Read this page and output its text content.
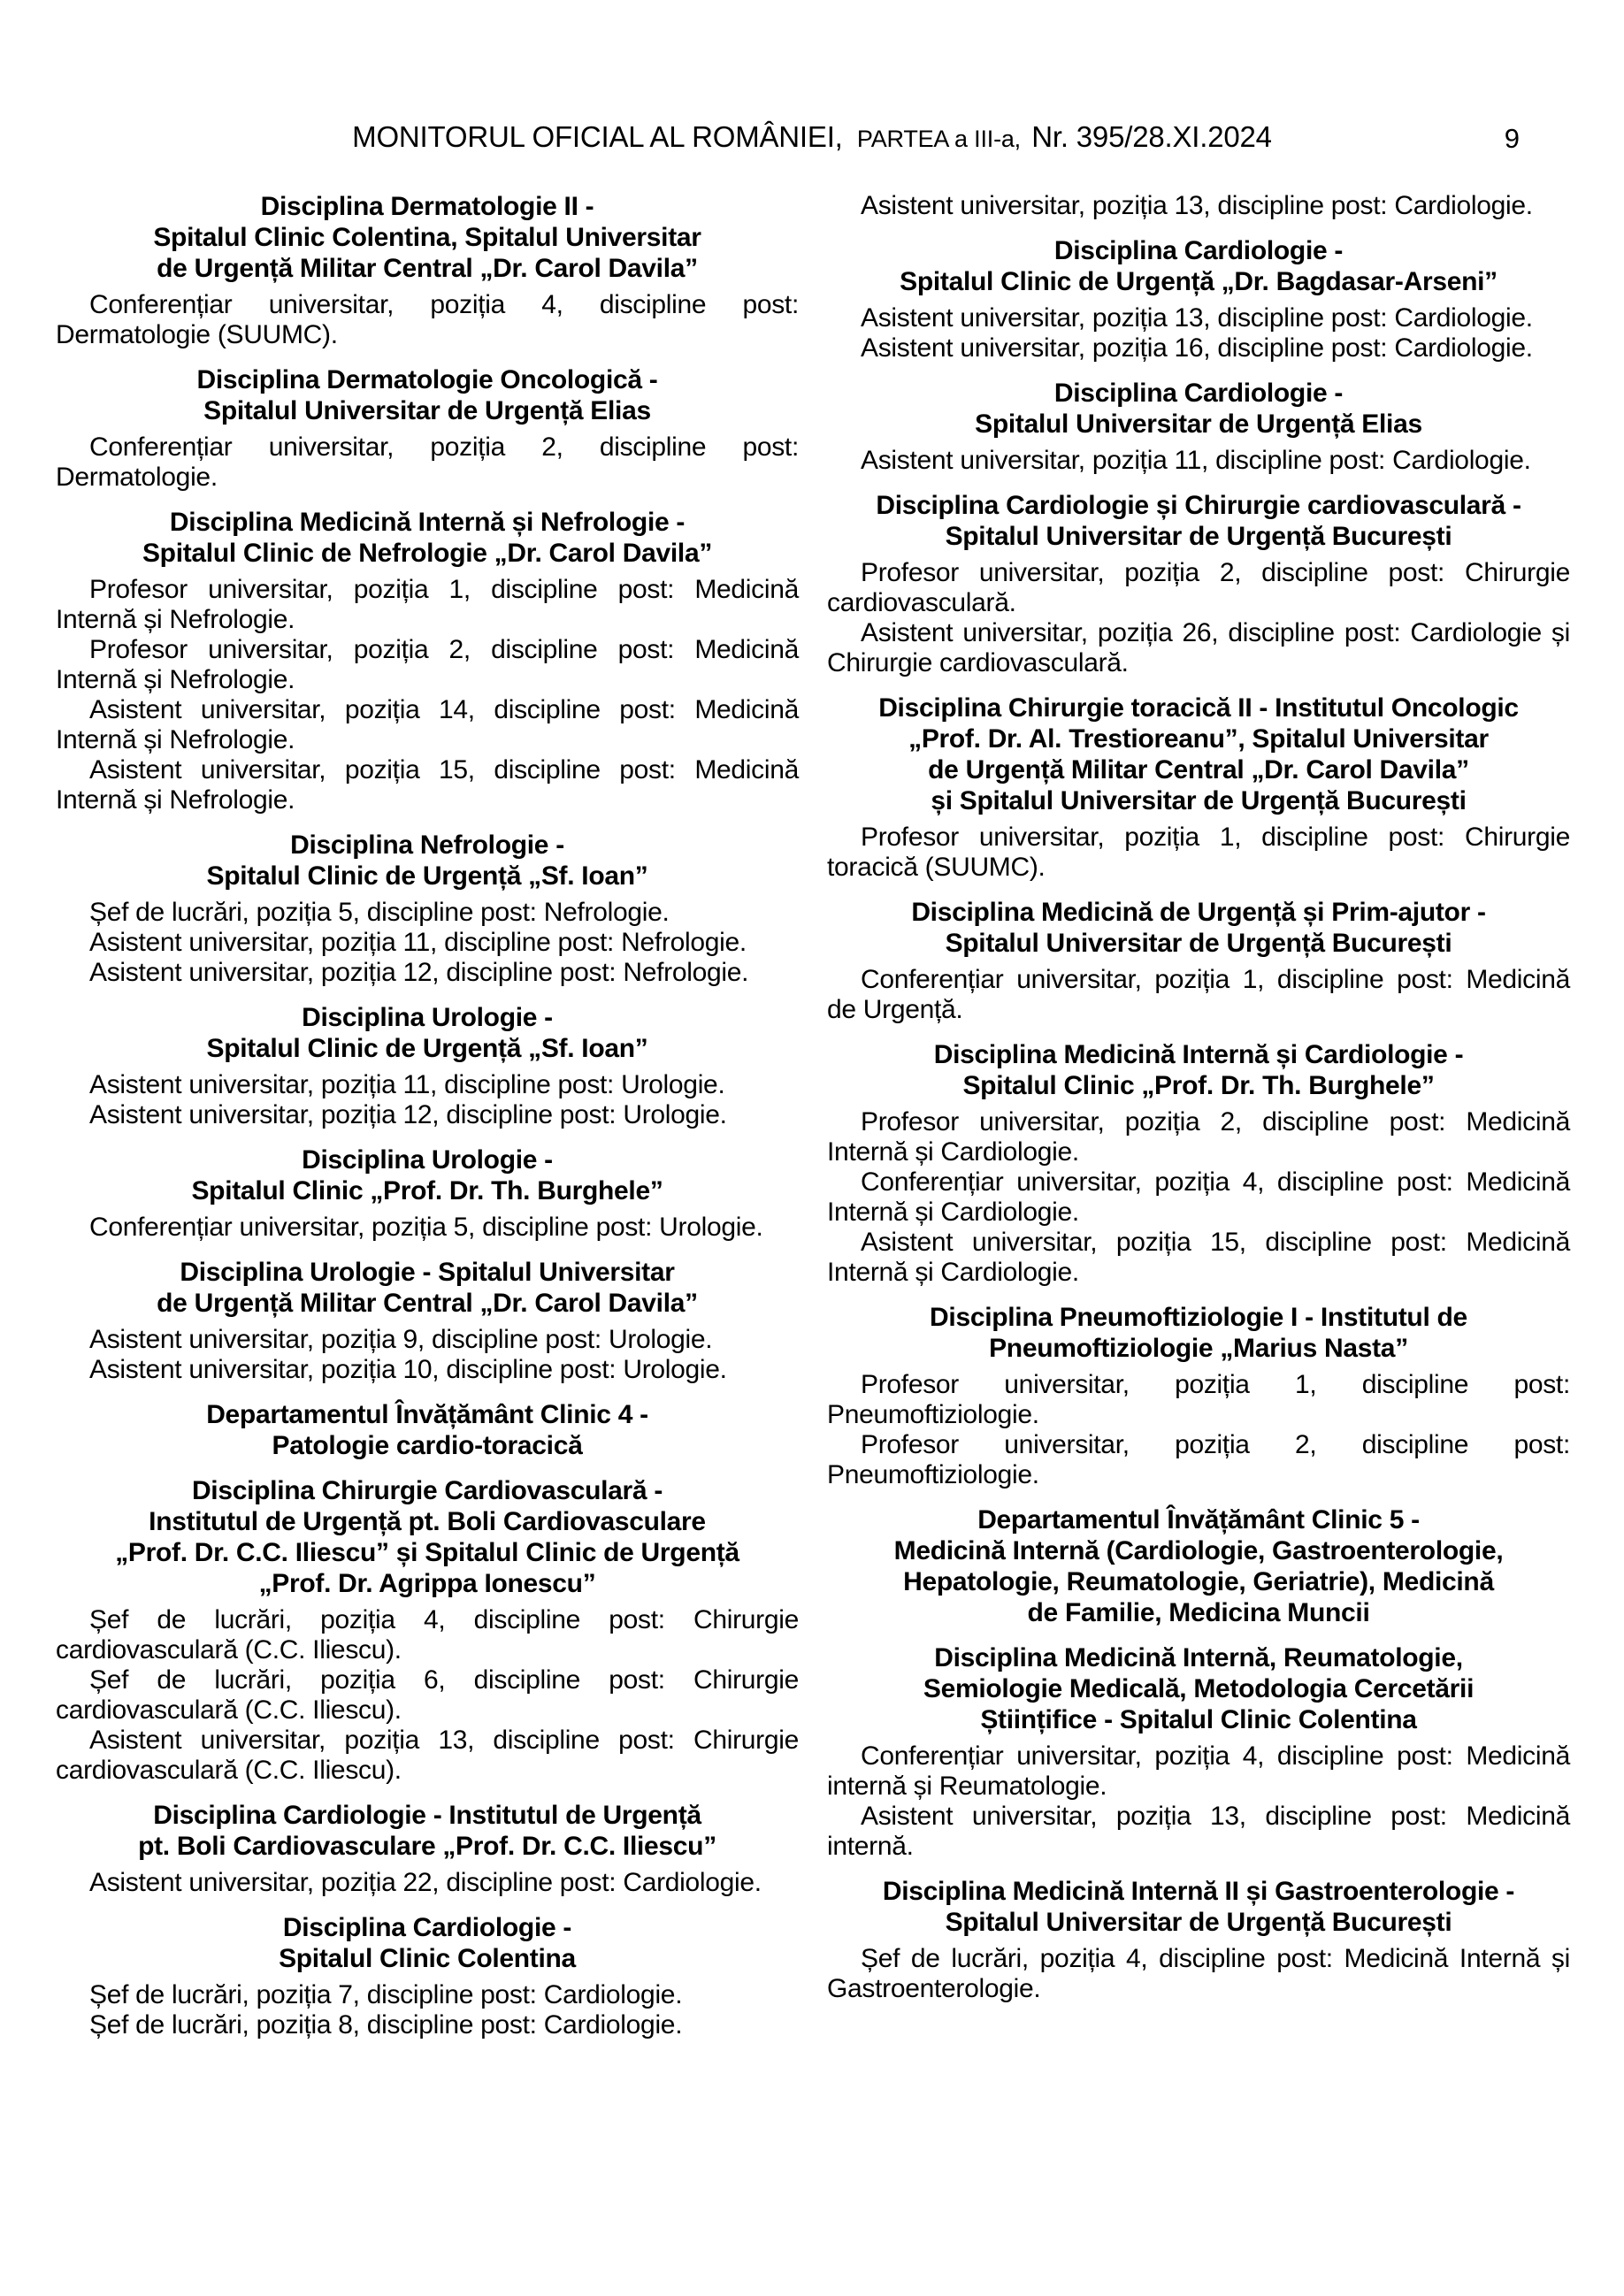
MONITORUL OFICIAL AL ROMÂNIEI, PARTEA a III-a, Nr. 395/28.XI.2024	9
Disciplina Dermatologie II -
Spitalul Clinic Colentina, Spitalul Universitar
de Urgență Militar Central „Dr. Carol Davila”
Conferențiar universitar, poziția 4, discipline post: Dermatologie (SUUMC).
Disciplina Dermatologie Oncologică -
Spitalul Universitar de Urgență Elias
Conferențiar universitar, poziția 2, discipline post: Dermatologie.
Disciplina Medicină Internă și Nefrologie -
Spitalul Clinic de Nefrologie „Dr. Carol Davila”
Profesor universitar, poziția 1, discipline post: Medicină Internă și Nefrologie.
Profesor universitar, poziția 2, discipline post: Medicină Internă și Nefrologie.
Asistent universitar, poziția 14, discipline post: Medicină Internă și Nefrologie.
Asistent universitar, poziția 15, discipline post: Medicină Internă și Nefrologie.
Disciplina Nefrologie -
Spitalul Clinic de Urgență „Sf. Ioan”
Șef de lucrări, poziția 5, discipline post: Nefrologie.
Asistent universitar, poziția 11, discipline post: Nefrologie.
Asistent universitar, poziția 12, discipline post: Nefrologie.
Disciplina Urologie -
Spitalul Clinic de Urgență „Sf. Ioan”
Asistent universitar, poziția 11, discipline post: Urologie.
Asistent universitar, poziția 12, discipline post: Urologie.
Disciplina Urologie -
Spitalul Clinic „Prof. Dr. Th. Burghele”
Conferențiar universitar, poziția 5, discipline post: Urologie.
Disciplina Urologie - Spitalul Universitar
de Urgență Militar Central „Dr. Carol Davila”
Asistent universitar, poziția 9, discipline post: Urologie.
Asistent universitar, poziția 10, discipline post: Urologie.
Departamentul Învățământ Clinic 4 -
Patologie cardio-toracică
Disciplina Chirurgie Cardiovasculară -
Institutul de Urgență pt. Boli Cardiovasculare
„Prof. Dr. C.C. Iliescu” și Spitalul Clinic de Urgență
„Prof. Dr. Agrippa Ionescu”
Șef de lucrări, poziția 4, discipline post: Chirurgie cardiovasculară (C.C. Iliescu).
Șef de lucrări, poziția 6, discipline post: Chirurgie cardiovasculară (C.C. Iliescu).
Asistent universitar, poziția 13, discipline post: Chirurgie cardiovasculară (C.C. Iliescu).
Disciplina Cardiologie - Institutul de Urgență
pt. Boli Cardiovasculare „Prof. Dr. C.C. Iliescu”
Asistent universitar, poziția 22, discipline post: Cardiologie.
Disciplina Cardiologie -
Spitalul Clinic Colentina
Șef de lucrări, poziția 7, discipline post: Cardiologie.
Șef de lucrări, poziția 8, discipline post: Cardiologie.
Asistent universitar, poziția 13, discipline post: Cardiologie.
Disciplina Cardiologie -
Spitalul Clinic de Urgență „Dr. Bagdasar-Arseni”
Asistent universitar, poziția 13, discipline post: Cardiologie.
Asistent universitar, poziția 16, discipline post: Cardiologie.
Disciplina Cardiologie -
Spitalul Universitar de Urgență Elias
Asistent universitar, poziția 11, discipline post: Cardiologie.
Disciplina Cardiologie și Chirurgie cardiovasculară -
Spitalul Universitar de Urgență București
Profesor universitar, poziția 2, discipline post: Chirurgie cardiovasculară.
Asistent universitar, poziția 26, discipline post: Cardiologie și Chirurgie cardiovasculară.
Disciplina Chirurgie toracică II - Institutul Oncologic
„Prof. Dr. Al. Trestioreanu”, Spitalul Universitar
de Urgență Militar Central „Dr. Carol Davila”
și Spitalul Universitar de Urgență București
Profesor universitar, poziția 1, discipline post: Chirurgie toracică (SUUMC).
Disciplina Medicină de Urgență și Prim-ajutor -
Spitalul Universitar de Urgență București
Conferențiar universitar, poziția 1, discipline post: Medicină de Urgență.
Disciplina Medicină Internă și Cardiologie -
Spitalul Clinic „Prof. Dr. Th. Burghele”
Profesor universitar, poziția 2, discipline post: Medicină Internă și Cardiologie.
Conferențiar universitar, poziția 4, discipline post: Medicină Internă și Cardiologie.
Asistent universitar, poziția 15, discipline post: Medicină Internă și Cardiologie.
Disciplina Pneumoftiziologie I - Institutul de
Pneumoftiziologie „Marius Nasta”
Profesor universitar, poziția 1, discipline post: Pneumoftiziologie.
Profesor universitar, poziția 2, discipline post: Pneumoftiziologie.
Departamentul Învățământ Clinic 5 -
Medicină Internă (Cardiologie, Gastroenterologie,
Hepatologie, Reumatologie, Geriatrie), Medicină
de Familie, Medicina Muncii
Disciplina Medicină Internă, Reumatologie,
Semiologie Medicală, Metodologia Cercetării
Științifice - Spitalul Clinic Colentina
Conferențiar universitar, poziția 4, discipline post: Medicină internă și Reumatologie.
Asistent universitar, poziția 13, discipline post: Medicină internă.
Disciplina Medicină Internă II și Gastroenterologie -
Spitalul Universitar de Urgență București
Șef de lucrări, poziția 4, discipline post: Medicină Internă și Gastroenterologie.
